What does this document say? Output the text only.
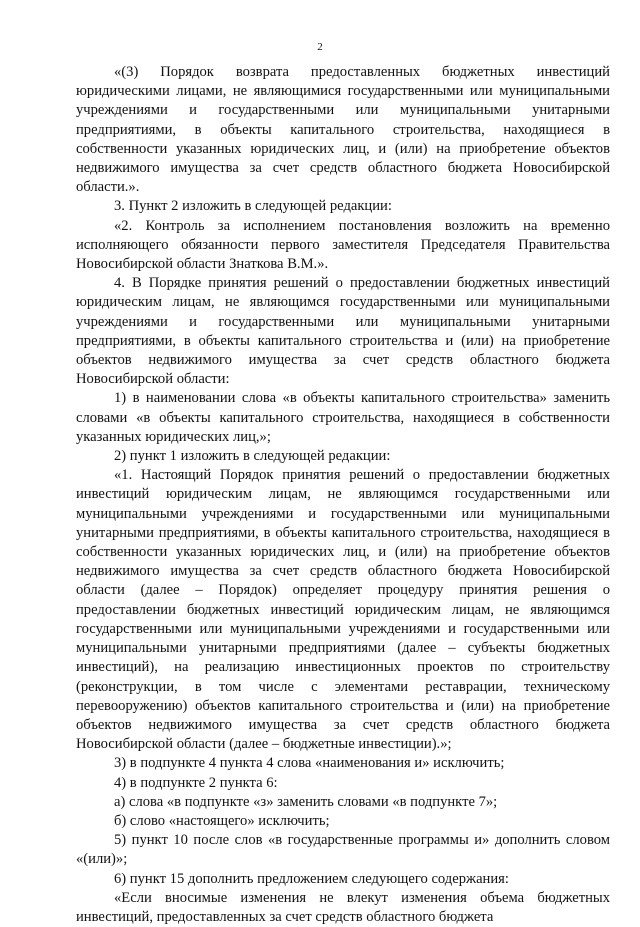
2

«(3) Порядок возврата предоставленных бюджетных инвестиций юридическими лицами, не являющимися государственными или муниципальными учреждениями и государственными или муниципальными унитарными предприятиями, в объекты капитального строительства, находящиеся в собственности указанных юридических лиц, и (или) на приобретение объектов недвижимого имущества за счет средств областного бюджета Новосибирской области.».

3. Пункт 2 изложить в следующей редакции:

«2. Контроль за исполнением постановления возложить на временно исполняющего обязанности первого заместителя Председателя Правительства Новосибирской области Знаткова В.М.».

4. В Порядке принятия решений о предоставлении бюджетных инвестиций юридическим лицам, не являющимся государственными или муниципальными учреждениями и государственными или муниципальными унитарными предприятиями, в объекты капитального строительства и (или) на приобретение объектов недвижимого имущества за счет средств областного бюджета Новосибирской области:

1) в наименовании слова «в объекты капитального строительства» заменить словами «в объекты капитального строительства, находящиеся в собственности указанных юридических лиц,»;

2) пункт 1 изложить в следующей редакции:

«1. Настоящий Порядок принятия решений о предоставлении бюджетных инвестиций юридическим лицам, не являющимся государственными или муниципальными учреждениями и государственными или муниципальными унитарными предприятиями, в объекты капитального строительства, находящиеся в собственности указанных юридических лиц, и (или) на приобретение объектов недвижимого имущества за счет средств областного бюджета Новосибирской области (далее – Порядок) определяет процедуру принятия решения о предоставлении бюджетных инвестиций юридическим лицам, не являющимся государственными или муниципальными учреждениями и государственными или муниципальными унитарными предприятиями (далее – субъекты бюджетных инвестиций), на реализацию инвестиционных проектов по строительству (реконструкции, в том числе с элементами реставрации, техническому перевооружению) объектов капитального строительства и (или) на приобретение объектов недвижимого имущества за счет средств областного бюджета Новосибирской области (далее – бюджетные инвестиции).»;

3) в подпункте 4 пункта 4 слова «наименования и» исключить;

4) в подпункте 2 пункта 6:

а) слова «в подпункте «з» заменить словами «в подпункте 7»;

б) слово «настоящего» исключить;

5) пункт 10 после слов «в государственные программы и» дополнить словом «(или)»;

6) пункт 15 дополнить предложением следующего содержания:

«Если вносимые изменения не влекут изменения объема бюджетных инвестиций, предоставленных за счет средств областного бюджета
